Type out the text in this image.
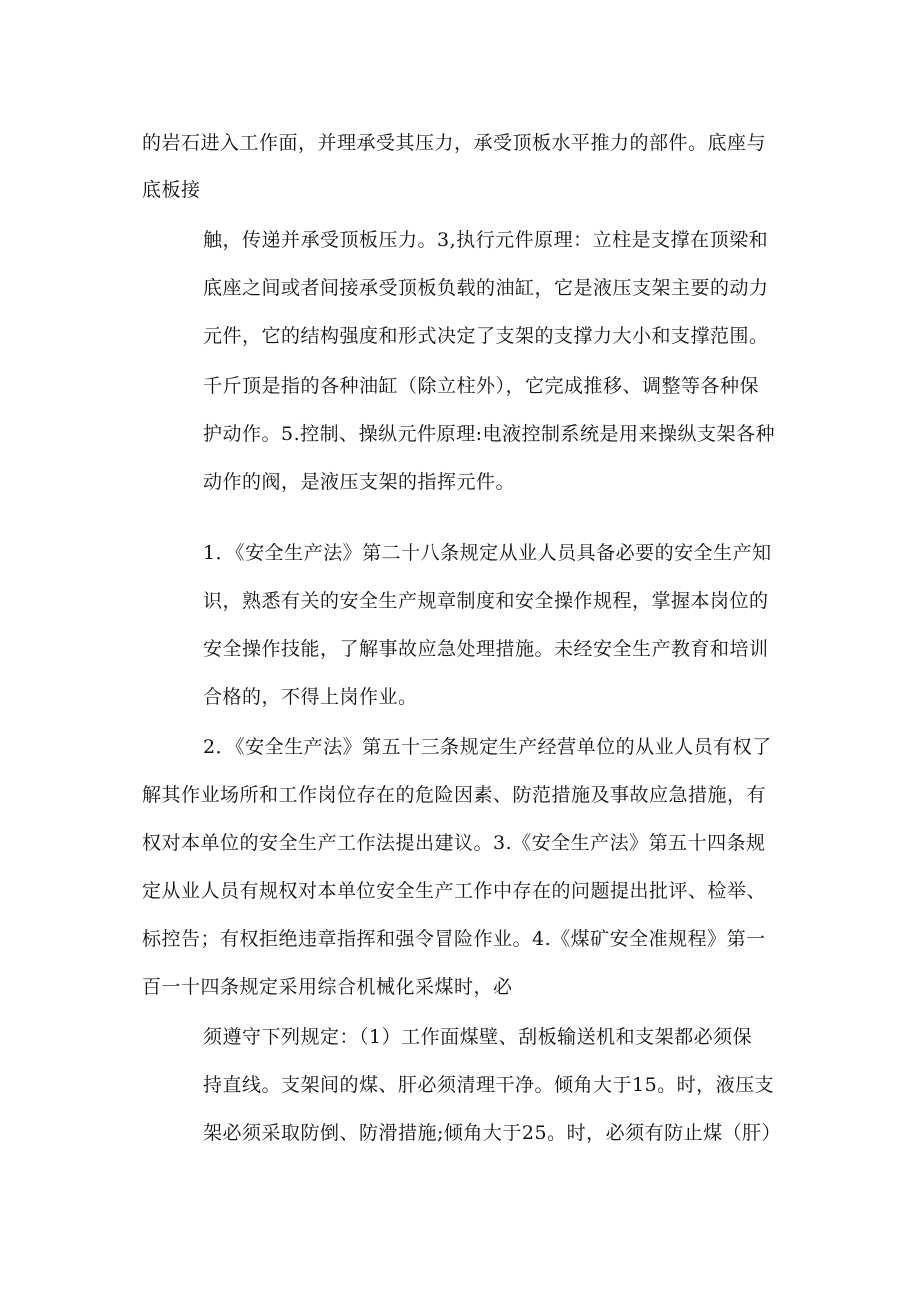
的岩石进入工作面，并理承受其压力，承受顶板水平推力的部件。底座与
底板接
触，传递并承受顶板压力。3,执行元件原理：立柱是支撑在顶梁和
底座之间或者间接承受顶板负载的油缸，它是液压支架主要的动力
元件，它的结构强度和形式决定了支架的支撑力大小和支撑范围。
千斤顶是指的各种油缸（除立柱外），它完成推移、调整等各种保
护动作。5.控制、操纵元件原理:电液控制系统是用来操纵支架各种
动作的阀，是液压支架的指挥元件。
1．《安全生产法》第二十八条规定从业人员具备必要的安全生产知
识，熟悉有关的安全生产规章制度和安全操作规程，掌握本岗位的
安全操作技能，了解事故应急处理措施。未经安全生产教育和培训
合格的，不得上岗作业。
2．《安全生产法》第五十三条规定生产经营单位的从业人员有权了
解其作业场所和工作岗位存在的危险因素、防范措施及事故应急措施，有
权对本单位的安全生产工作法提出建议。3.《安全生产法》第五十四条规
定从业人员有规权对本单位安全生产工作中存在的问题提出批评、检举、
标控告；有权拒绝违章指挥和强令冒险作业。4.《煤矿安全准规程》第一
百一十四条规定采用综合机械化采煤时，必
须遵守下列规定：（1）工作面煤壁、刮板输送机和支架都必须保
持直线。支架间的煤、肝必须清理干净。倾角大于15。时，液压支
架必须采取防倒、防滑措施;倾角大于25。时，必须有防止煤（肝）
